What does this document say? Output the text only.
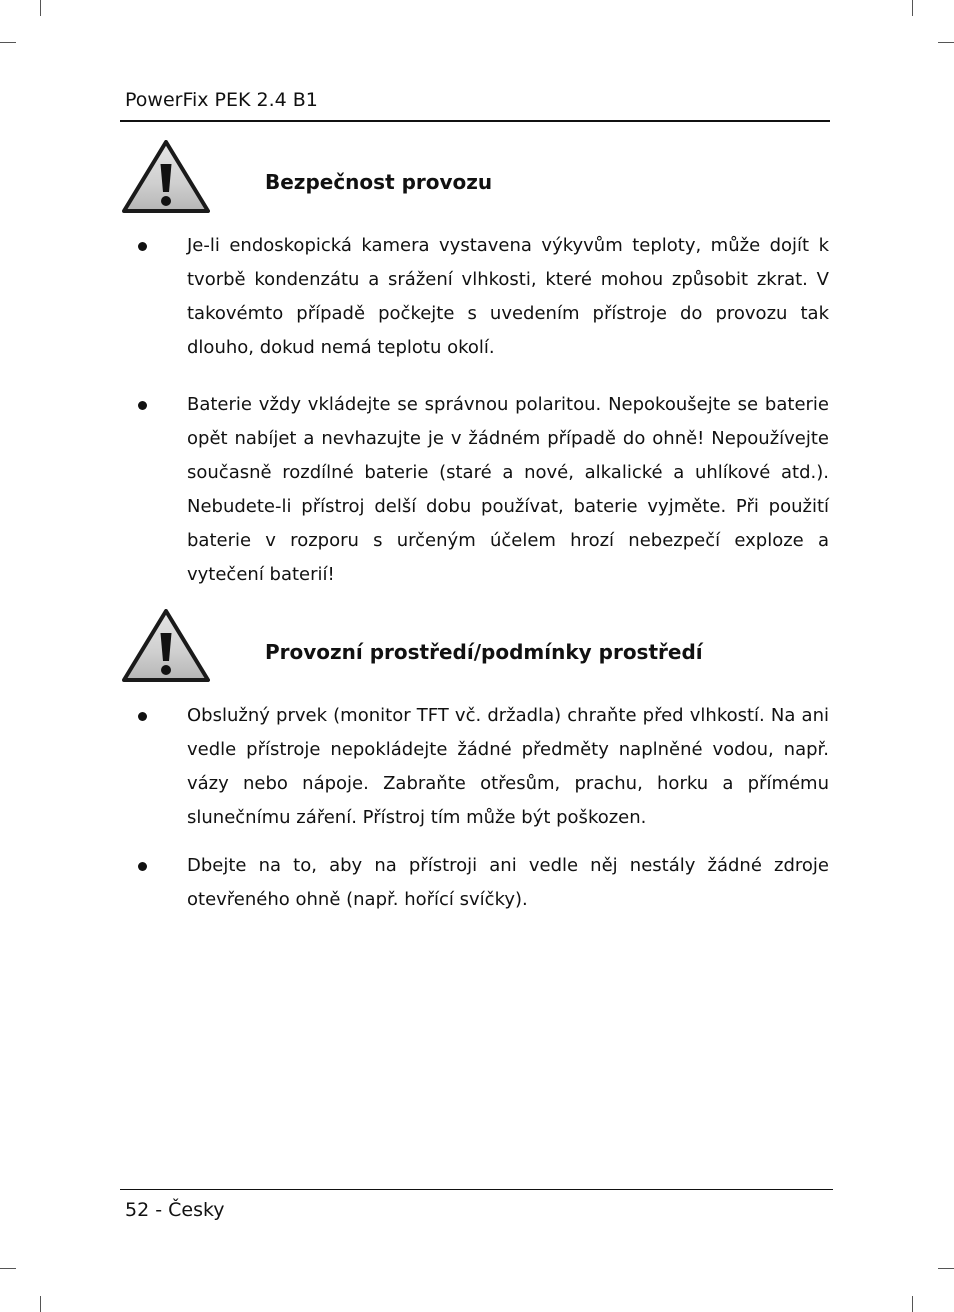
PowerFix PEK 2.4 B1
Bezpečnost provozu

Je-li endoskopická kamera vystavena výkyvům teploty, může dojít k tvorbě kondenzátu a srážení vlhkosti, které mohou způsobit zkrat. V takovémto případě počkejte s uvedením přístroje do provozu tak dlouho, dokud nemá teplotu okolí.

Baterie vždy vkládejte se správnou polaritou. Nepokoušejte se baterie opět nabíjet a nevhazujte je v žádném případě do ohně! Nepoužívejte současně rozdílné baterie (staré a nové, alkalické a uhlíkové atd.). Nebudete-li přístroj delší dobu používat, baterie vyjměte. Při použití baterie v rozporu s určeným účelem hrozí nebezpečí exploze a vytečení baterií!

Provozní prostředí/podmínky prostředí

Obslužný prvek (monitor TFT vč. držadla) chraňte před vlhkostí. Na ani vedle přístroje nepokládejte žádné předměty naplněné vodou, např. vázy nebo nápoje. Zabraňte otřesům, prachu, horku a přímému slunečnímu záření. Přístroj tím může být poškozen.

Dbejte na to, aby na přístroji ani vedle něj nestály žádné zdroje otevřeného ohně (např. hořící svíčky).

52 - Česky
